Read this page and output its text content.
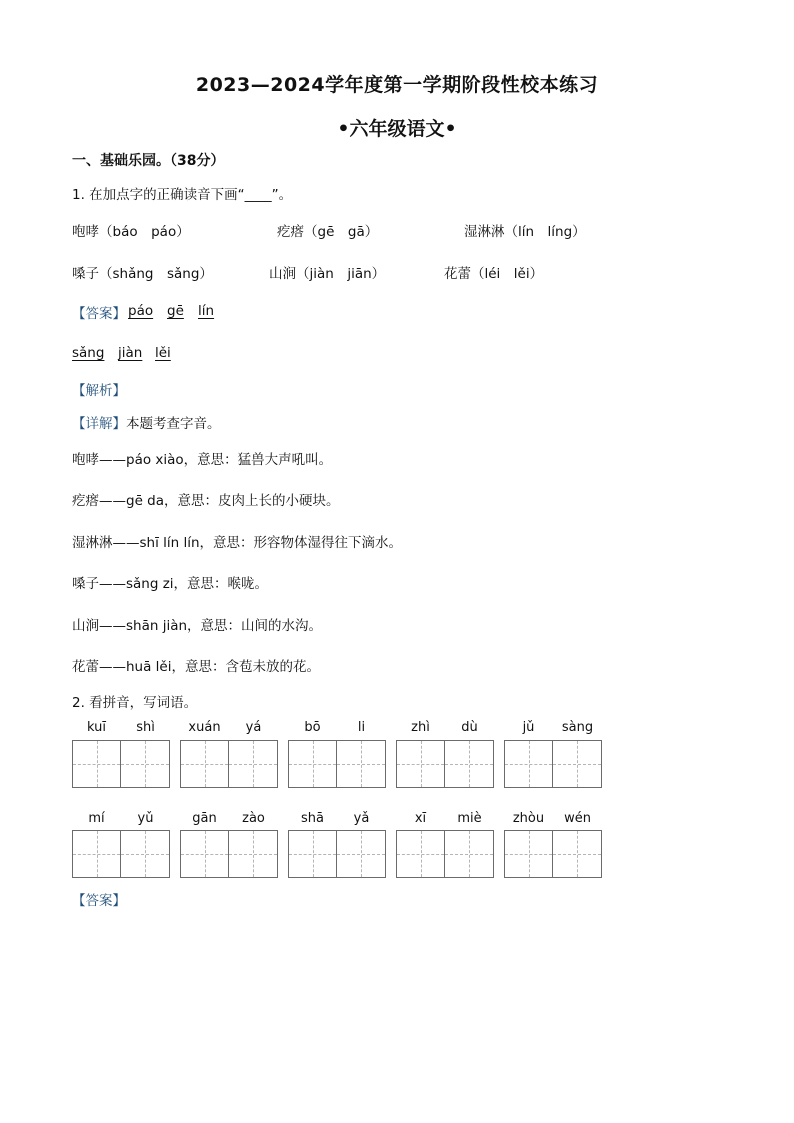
2023—2024学年度第一学期阶段性校本练习
•六年级语文•
一、基础乐园。（38分）
1. 在加点字的正确读音下画“____”。
咆哮（báo　páo）	疙瘩（gē　gā）	湿淋淋（lín　líng）
嗓子（shǎng　sǎng）	山涧（jiàn　jiān）	花蕾（léi　lěi）
【答案】 páo gē lín
sǎng jiàn lěi
【解析】
【详解】本题考查字音。
咆哮——páo xiào，意思：猛兽大声吼叫。
疙瘩——gē da，意思：皮肉上长的小硬块。
湿淋淋——shī lín lín，意思：形容物体湿得往下滴水。
嗓子——sǎng zi，意思：喉咙。
山涧——shān jiàn，意思：山间的水沟。
花蕾——huā lěi，意思：含苞未放的花。
2. 看拼音，写词语。
kuī	shì	xuán	yá	bō	li	zhì	dù	jǔ	sàng
mí	yǔ	gān	zào	shā	yǎ	xī	miè	zhòu	wén
【答案】
